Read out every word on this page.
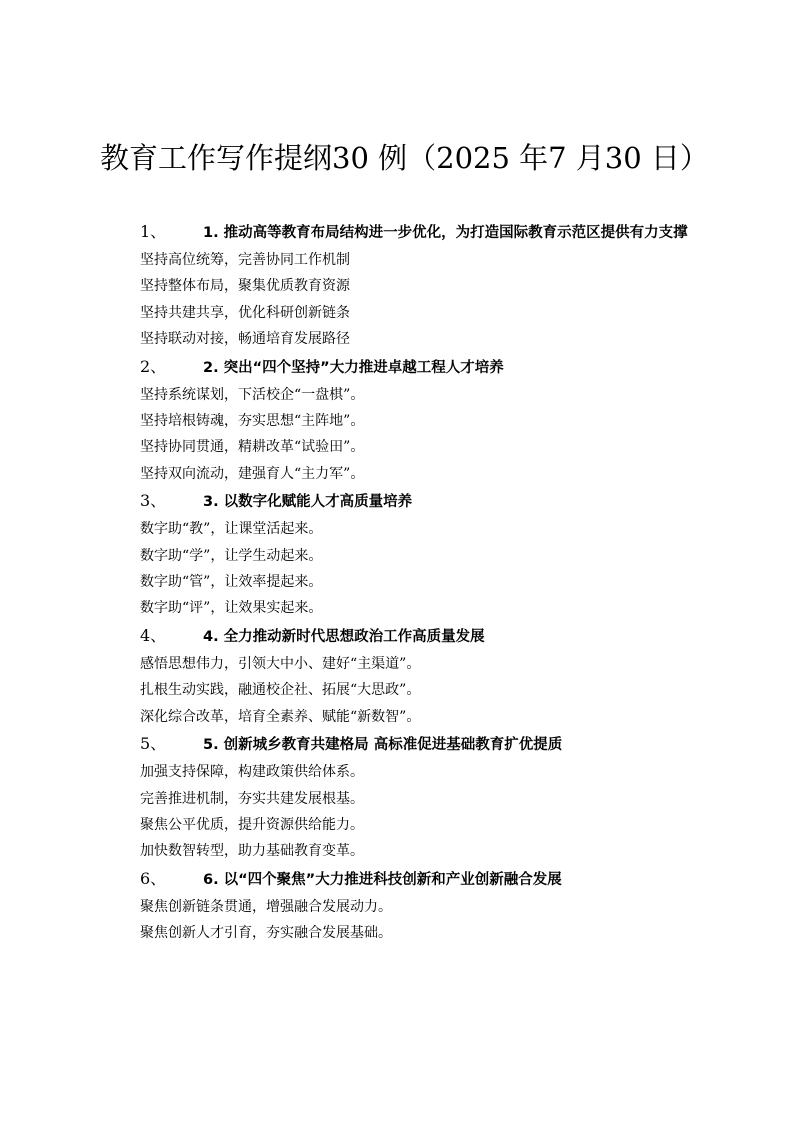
教育工作写作提纲30 例（2025 年7 月30 日）
1、	1. 推动高等教育布局结构进一步优化，为打造国际教育示范区提供有力支撑
坚持高位统筹，完善协同工作机制
坚持整体布局，聚集优质教育资源
坚持共建共享，优化科研创新链条
坚持联动对接，畅通培育发展路径
2、	2. 突出“四个坚持”大力推进卓越工程人才培养
坚持系统谋划，下活校企“一盘棋”。
坚持培根铸魂，夯实思想“主阵地”。
坚持协同贯通，精耕改革“试验田”。
坚持双向流动，建强育人“主力军”。
3、	3. 以数字化赋能人才高质量培养
数字助“教”，让课堂活起来。
数字助“学”，让学生动起来。
数字助“管”，让效率提起来。
数字助“评”，让效果实起来。
4、	4. 全力推动新时代思想政治工作高质量发展
感悟思想伟力，引领大中小、建好“主渠道”。
扎根生动实践，融通校企社、拓展“大思政”。
深化综合改革，培育全素养、赋能“新数智”。
5、	5. 创新城乡教育共建格局 高标准促进基础教育扩优提质
加强支持保障，构建政策供给体系。
完善推进机制，夯实共建发展根基。
聚焦公平优质，提升资源供给能力。
加快数智转型，助力基础教育变革。
6、	6. 以“四个聚焦”大力推进科技创新和产业创新融合发展
聚焦创新链条贯通，增强融合发展动力。
聚焦创新人才引育，夯实融合发展基础。
